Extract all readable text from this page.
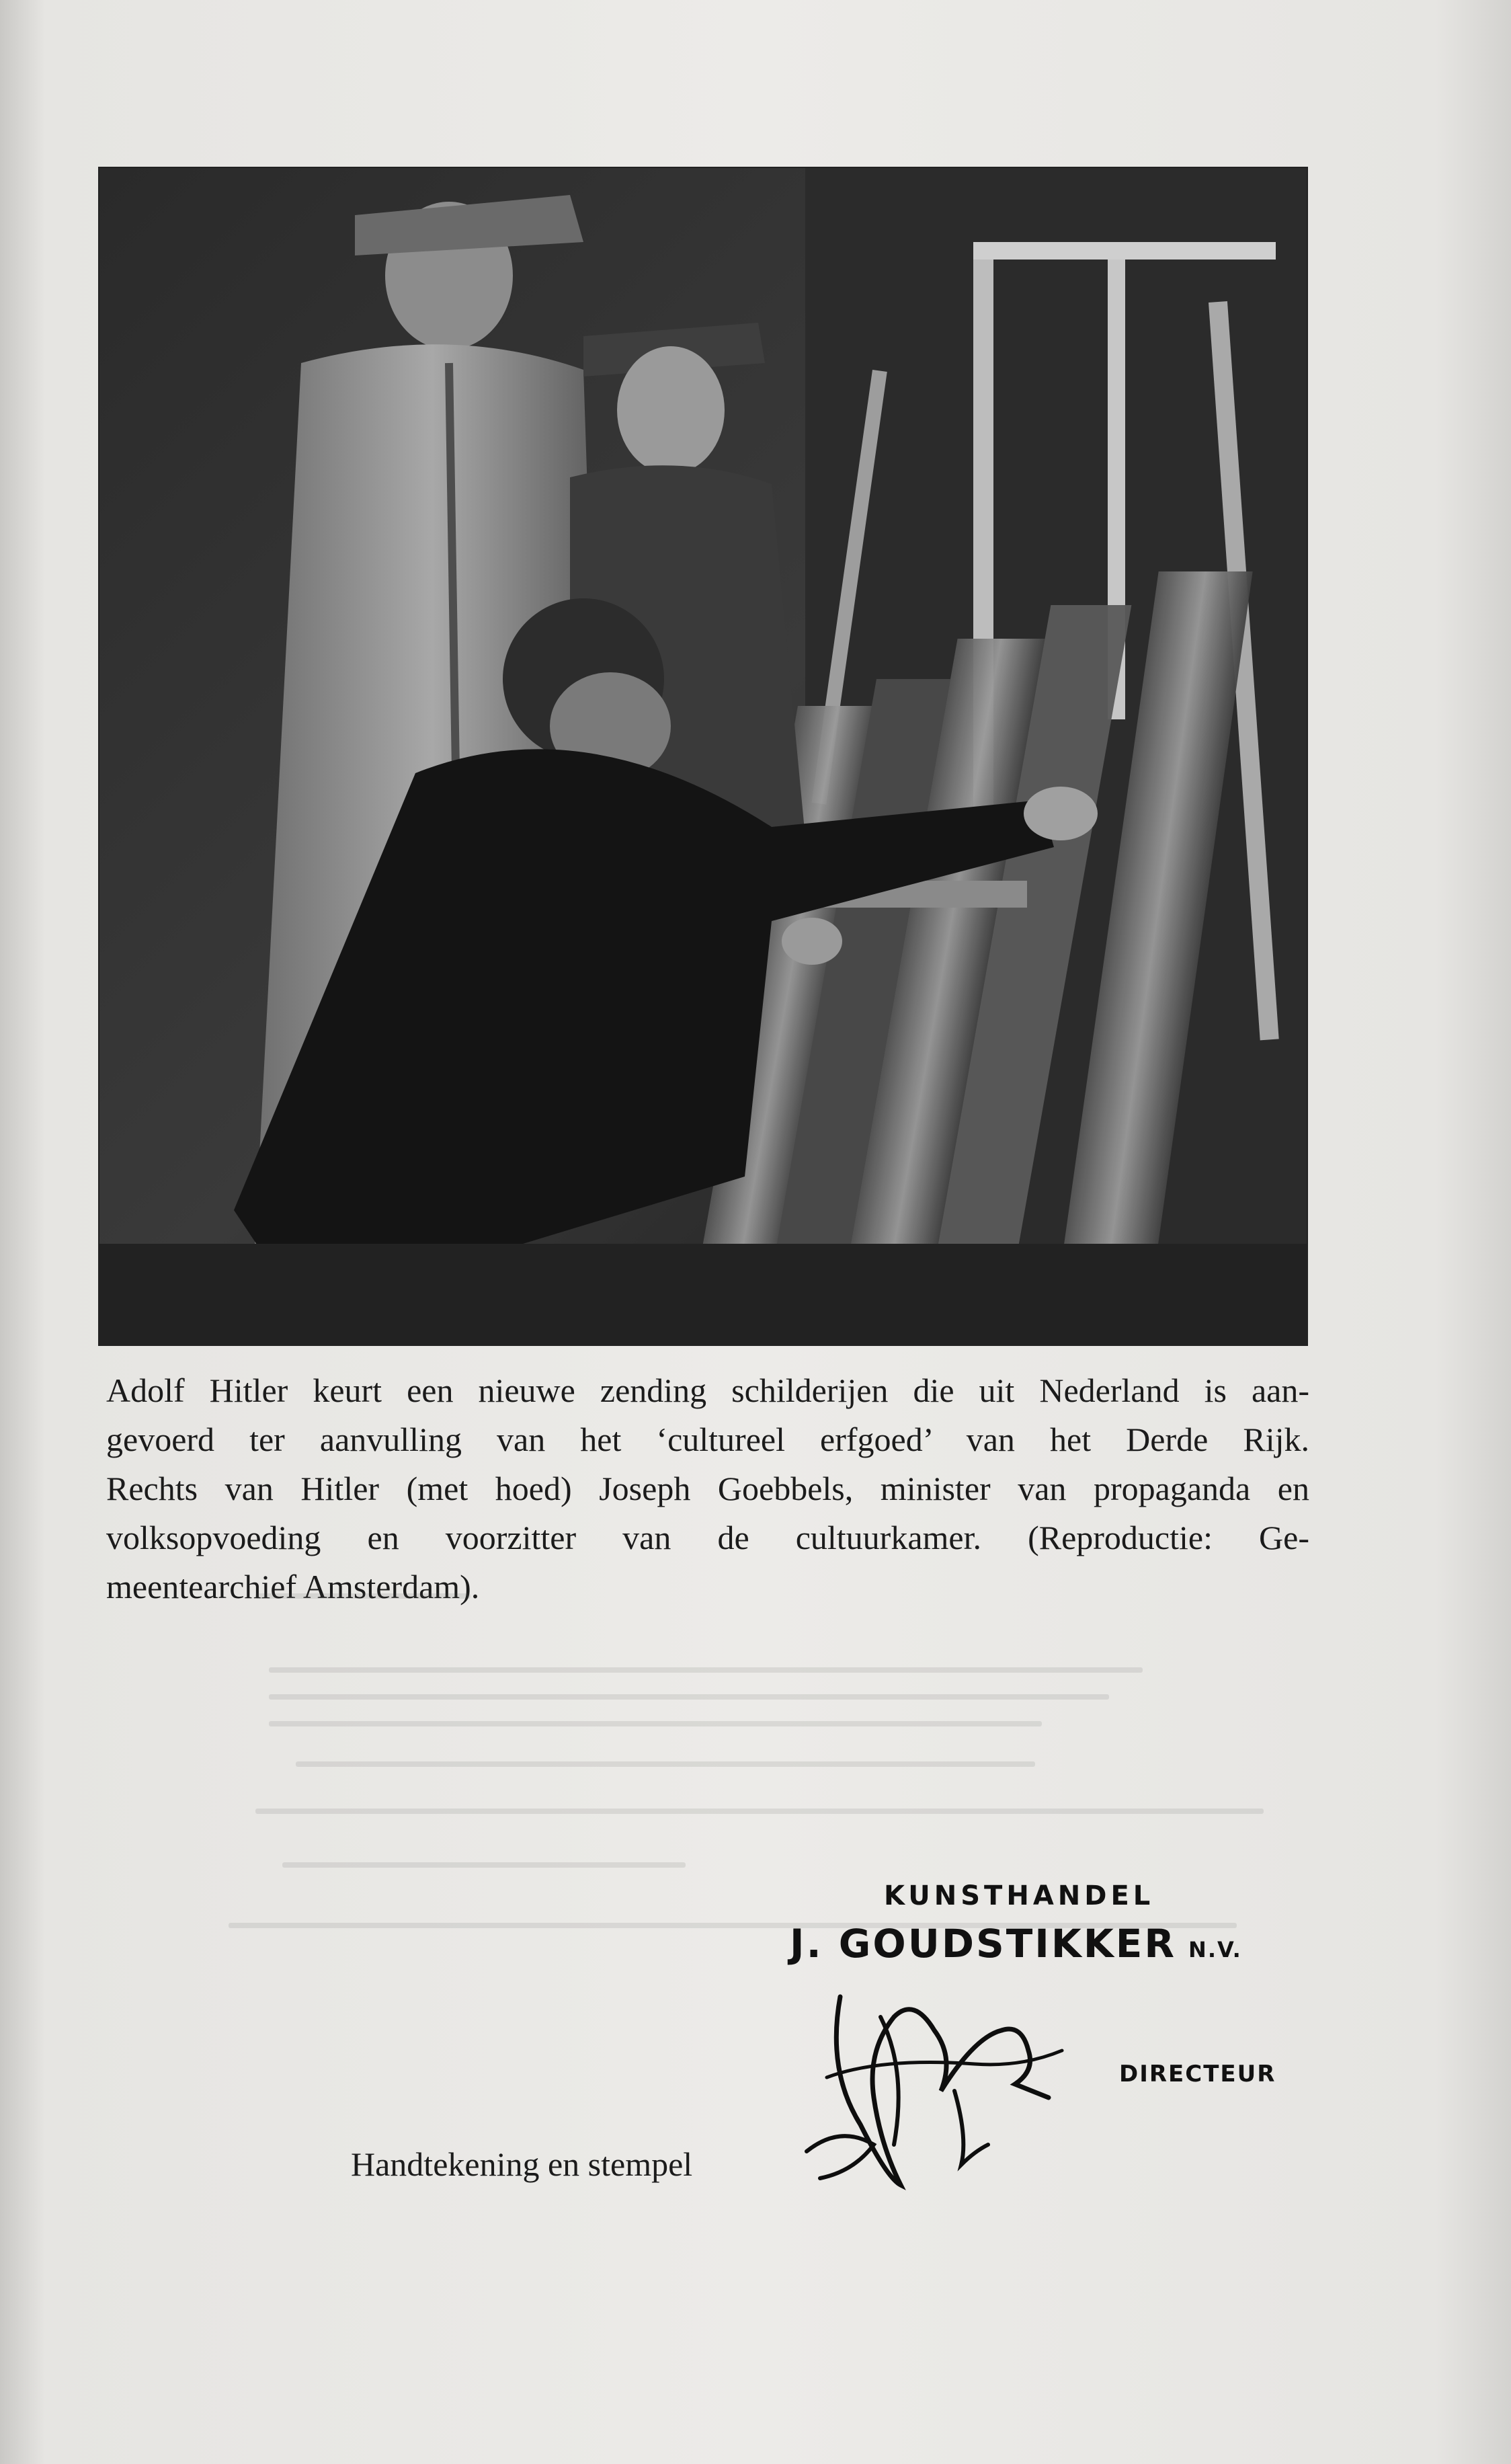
Adolf Hitler keurt een nieuwe zending schilderijen die uit Nederland is aan-
gevoerd ter aanvulling van het ‘cultureel erfgoed’ van het Derde Rijk.
Rechts van Hitler (met hoed) Joseph Goebbels, minister van propaganda en
volksopvoeding en voorzitter van de cultuurkamer. (Reproductie: Ge-
meentearchief Amsterdam).
KUNSTHANDEL
J. GOUDSTIKKER N.V.
DIRECTEUR
Handtekening en stempel
